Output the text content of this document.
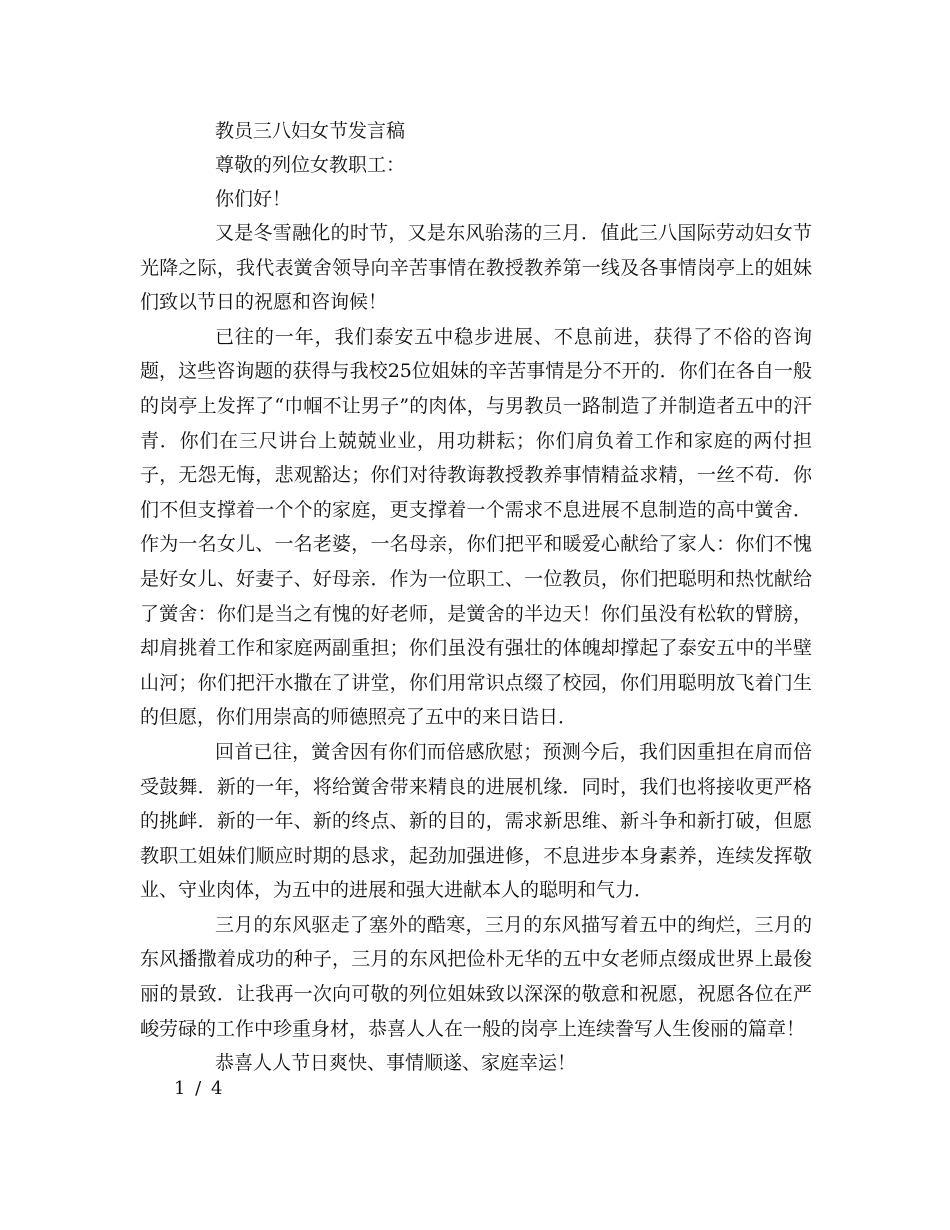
教员三八妇女节发言稿

尊敬的列位女教职工：

你们好！

又是冬雪融化的时节，又是东风骀荡的三月．值此三八国际劳动妇女节光降之际，我代表黉舍领导向辛苦事情在教授教养第一线及各事情岗亭上的姐妹们致以节日的祝愿和咨询候！

已往的一年，我们泰安五中稳步进展、不息前进，获得了不俗的咨询题，这些咨询题的获得与我校25位姐妹的辛苦事情是分不开的．你们在各自一般的岗亭上发挥了“巾帼不让男子”的肉体，与男教员一路制造了并制造者五中的汗青．你们在三尺讲台上兢兢业业，用功耕耘；你们肩负着工作和家庭的两付担子，无怨无悔，悲观豁达；你们对待教诲教授教养事情精益求精，一丝不苟．你们不但支撑着一个个的家庭，更支撑着一个需求不息进展不息制造的高中黉舍．作为一名女儿、一名老婆，一名母亲，你们把平和暖爱心献给了家人：你们不愧是好女儿、好妻子、好母亲．作为一位职工、一位教员，你们把聪明和热忱献给了黉舍：你们是当之有愧的好老师，是黉舍的半边天！你们虽没有松软的臂膀，却肩挑着工作和家庭两副重担；你们虽没有强壮的体魄却撑起了泰安五中的半壁山河；你们把汗水撒在了讲堂，你们用常识点缀了校园，你们用聪明放飞着门生的但愿，你们用崇高的师德照亮了五中的来日诰日．

回首已往，黉舍因有你们而倍感欣慰；预测今后，我们因重担在肩而倍受鼓舞．新的一年，将给黉舍带来精良的进展机缘．同时，我们也将接收更严格的挑衅．新的一年、新的终点、新的目的，需求新思维、新斗争和新打破，但愿教职工姐妹们顺应时期的恳求，起劲加强进修，不息进步本身素养，连续发挥敬业、守业肉体，为五中的进展和强大进献本人的聪明和气力．

三月的东风驱走了塞外的酷寒，三月的东风描写着五中的绚烂，三月的东风播撒着成功的种子，三月的东风把俭朴无华的五中女老师点缀成世界上最俊丽的景致．让我再一次向可敬的列位姐妹致以深深的敬意和祝愿，祝愿各位在严峻劳碌的工作中珍重身材，恭喜人人在一般的岗亭上连续誊写人生俊丽的篇章！

恭喜人人节日爽快、事情顺遂、家庭幸运！

1 / 4
